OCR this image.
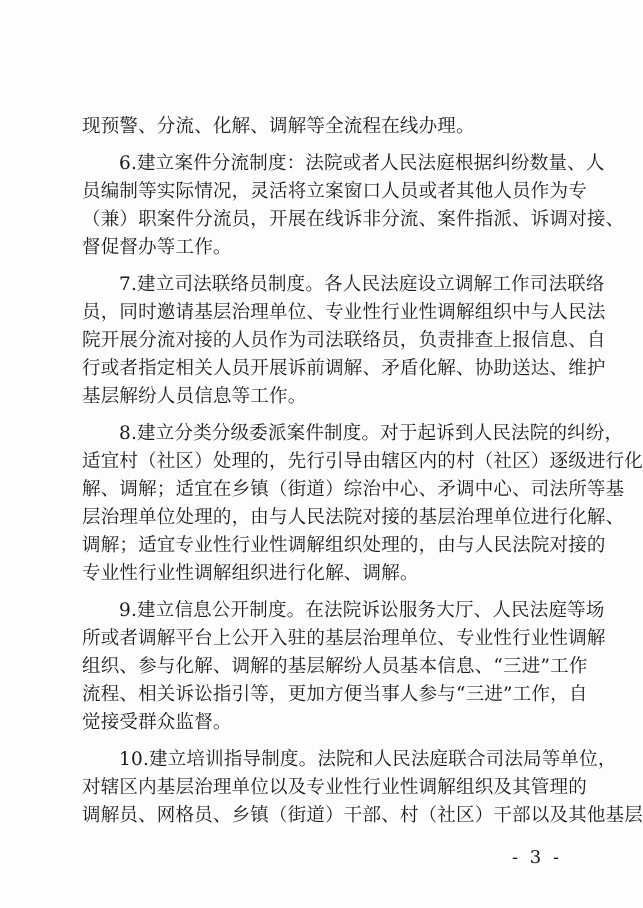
现预警、分流、化解、调解等全流程在线办理。
6.建立案件分流制度：法院或者人民法庭根据纠纷数量、人
员编制等实际情况，灵活将立案窗口人员或者其他人员作为专
（兼）职案件分流员，开展在线诉非分流、案件指派、诉调对接、
督促督办等工作。
7.建立司法联络员制度。各人民法庭设立调解工作司法联络
员，同时邀请基层治理单位、专业性行业性调解组织中与人民法
院开展分流对接的人员作为司法联络员，负责排查上报信息、自
行或者指定相关人员开展诉前调解、矛盾化解、协助送达、维护
基层解纷人员信息等工作。
8.建立分类分级委派案件制度。对于起诉到人民法院的纠纷，
适宜村（社区）处理的，先行引导由辖区内的村（社区）逐级进行化
解、调解；适宜在乡镇（街道）综治中心、矛调中心、司法所等基
层治理单位处理的，由与人民法院对接的基层治理单位进行化解、
调解；适宜专业性行业性调解组织处理的，由与人民法院对接的
专业性行业性调解组织进行化解、调解。
9.建立信息公开制度。在法院诉讼服务大厅、人民法庭等场
所或者调解平台上公开入驻的基层治理单位、专业性行业性调解
组织、参与化解、调解的基层解纷人员基本信息、“三进”工作
流程、相关诉讼指引等，更加方便当事人参与“三进”工作，自
觉接受群众监督。
10.建立培训指导制度。法院和人民法庭联合司法局等单位，
对辖区内基层治理单位以及专业性行业性调解组织及其管理的
调解员、网格员、乡镇（街道）干部、村（社区）干部以及其他基层
- 3 -
